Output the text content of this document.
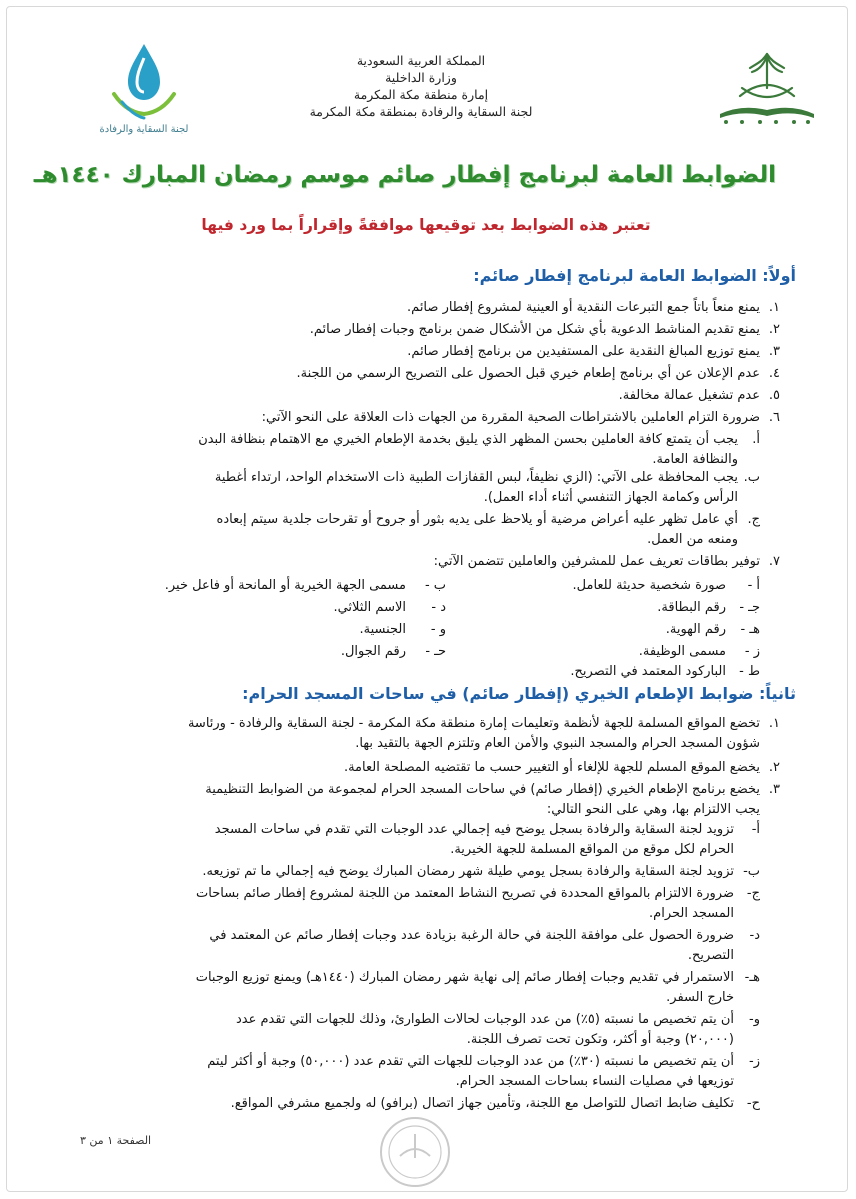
المملكة العربية السعودية
وزارة الداخلية
إمارة منطقة مكة المكرمة
لجنة السقاية والرفادة بمنطقة مكة المكرمة
لجنة السقاية والرفادة
الضوابط العامة لبرنامج إفطار صائم موسم رمضان المبارك ١٤٤٠هـ
تعتبر هذه الضوابط بعد توقيعها موافقةً وإقراراً بما ورد فيها
أولاً: الضوابط العامة لبرنامج إفطار صائم:
١.
يمنع منعاً باتاً جمع التبرعات النقدية أو العينية لمشروع إفطار صائم.
٢.
يمنع تقديم المناشط الدعوية بأي شكل من الأشكال ضمن برنامج وجبات إفطار صائم.
٣.
يمنع توزيع المبالغ النقدية على المستفيدين من برنامج إفطار صائم.
٤.
عدم الإعلان عن أي برنامج إطعام خيري قبل الحصول على التصريح الرسمي من اللجنة.
٥.
عدم تشغيل عمالة مخالفة.
٦.
ضرورة التزام العاملين بالاشتراطات الصحية المقررة من الجهات ذات العلاقة على النحو الآتي:
أ.
يجب أن يتمتع كافة العاملين بحسن المظهر الذي يليق بخدمة الإطعام الخيري مع الاهتمام بنظافة البدن
والنظافة العامة.
ب.
يجب المحافظة على الآتي: (الزي نظيفاً، لبس القفازات الطبية ذات الاستخدام الواحد، ارتداء أغطية
الرأس وكمامة الجهاز التنفسي أثناء أداء العمل).
ج.
أي عامل تظهر عليه أعراض مرضية أو يلاحظ على يديه بثور أو جروح أو تقرحات جلدية سيتم إبعاده
ومنعه من العمل.
٧.
توفير بطاقات تعريف عمل للمشرفين والعاملين تتضمن الآتي:
أ -
صورة شخصية حديثة للعامل.
جـ -
رقم البطاقة.
هـ -
رقم الهوية.
ز -
مسمى الوظيفة.
ط -
الباركود المعتمد في التصريح.
ب -
مسمى الجهة الخيرية أو المانحة أو فاعل خير.
د -
الاسم الثلاثي.
و -
الجنسية.
حـ -
رقم الجوال.
ثانياً: ضوابط الإطعام الخيري (إفطار صائم) في ساحات المسجد الحرام:
١.
تخضع المواقع المسلمة للجهة لأنظمة وتعليمات إمارة منطقة مكة المكرمة - لجنة السقاية والرفادة - ورئاسة
شؤون المسجد الحرام والمسجد النبوي والأمن العام وتلتزم الجهة بالتقيد بها.
٢.
يخضع الموقع المسلم للجهة للإلغاء أو التغيير حسب ما تقتضيه المصلحة العامة.
٣.
يخضع برنامج الإطعام الخيري (إفطار صائم) في ساحات المسجد الحرام لمجموعة من الضوابط التنظيمية
يجب الالتزام بها، وهي على النحو التالي:
أ-
تزويد لجنة السقاية والرفادة بسجل يوضح فيه إجمالي عدد الوجبات التي تقدم في ساحات المسجد
الحرام لكل موقع من المواقع المسلمة للجهة الخيرية.
ب-
تزويد لجنة السقاية والرفادة بسجل يومي طيلة شهر رمضان المبارك يوضح فيه إجمالي ما تم توزيعه.
ج-
ضرورة الالتزام بالمواقع المحددة في تصريح النشاط المعتمد من اللجنة لمشروع إفطار صائم بساحات
المسجد الحرام.
د-
ضرورة الحصول على موافقة اللجنة في حالة الرغبة بزيادة عدد وجبات إفطار صائم عن المعتمد في
التصريح.
هـ-
الاستمرار في تقديم وجبات إفطار صائم إلى نهاية شهر رمضان المبارك (١٤٤٠هـ) ويمنع توزيع الوجبات
خارج السفر.
و-
أن يتم تخصيص ما نسبته (٥٪) من عدد الوجبات لحالات الطوارئ، وذلك للجهات التي تقدم عدد
(٢٠,٠٠٠) وجبة أو أكثر، وتكون تحت تصرف اللجنة.
ز-
أن يتم تخصيص ما نسبته (٣٠٪) من عدد الوجبات للجهات التي تقدم عدد (٥٠,٠٠٠) وجبة أو أكثر ليتم
توزيعها في مصليات النساء بساحات المسجد الحرام.
ح-
تكليف ضابط اتصال للتواصل مع اللجنة، وتأمين جهاز اتصال (برافو) له ولجميع مشرفي المواقع.
الصفحة ١ من ٣
